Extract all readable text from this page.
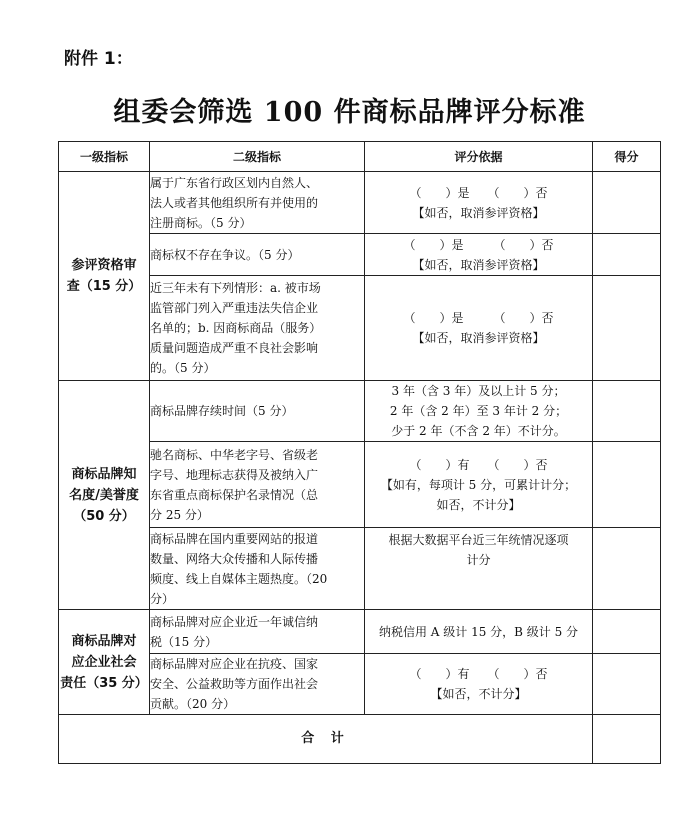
附件 1：
组委会筛选 100 件商标品牌评分标准
一级指标	二级指标	评分依据	得分

参评资格审
查（15 分）	属于广东省行政区划内自然人、
法人或者其他组织所有并使用的
注册商标。（5 分）	（　　）是　　（　　）否
【如否，取消参评资格】	

	商标权不存在争议。（5 分）	（　　）是　　　（　　）否
【如否，取消参评资格】	

	近三年未有下列情形：a. 被市场
监管部门列入严重违法失信企业
名单的；b. 因商标商品（服务）
质量问题造成严重不良社会影响
的。（5 分）	（　　）是　　　（　　）否
【如否，取消参评资格】	

商标品牌知
名度/美誉度
（50 分）	商标品牌存续时间（5 分）	3 年（含 3 年）及以上计 5 分；
2 年（含 2 年）至 3 年计 2 分；
少于 2 年（不含 2 年）不计分。	

	驰名商标、中华老字号、省级老
字号、地理标志获得及被纳入广
东省重点商标保护名录情况（总
分 25 分）	（　　）有　　（　　）否
【如有，每项计 5 分，可累计计分；
如否，不计分】	

	商标品牌在国内重要网站的报道
数量、网络大众传播和人际传播
频度、线上自媒体主题热度。（20
分）	根据大数据平台近三年统情况逐项
计分	

商标品牌对
应企业社会
责任（35 分）	商标品牌对应企业近一年诚信纳
税（15 分）	纳税信用 A 级计 15 分，B 级计 5 分	

	商标品牌对应企业在抗疫、国家
安全、公益救助等方面作出社会
贡献。（20 分）	（　　）有　　（　　）否
【如否，不计分】	

合 计			
